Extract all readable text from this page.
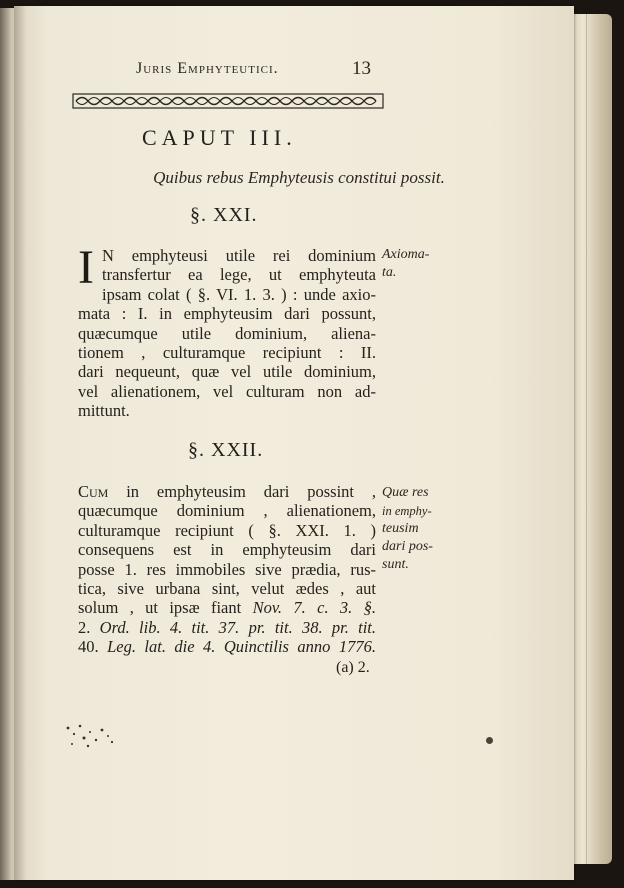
Juris Emphyteutici.	13
CAPUT III.
Quibus rebus Emphyteusis constitui possit.
§. XXI.
I N emphyteusi utile rei dominium
transfertur ea lege, ut emphyteuta
ipsam colat ( §. VI. 1. 3. ) : unde axio-
mata : I. in emphyteusim dari possunt,
quæcumque utile dominium, aliena-
tionem , culturamque recipiunt : II.
dari nequeunt, quæ vel utile dominium,
vel alienationem, vel culturam non ad-
mittunt.
Axioma-
ta.
§. XXII.
Cum in emphyteusim dari possint ,
quæcumque dominium , alienationem,
culturamque recipiunt ( §. XXI. 1. )
consequens est in emphyteusim dari
posse 1. res immobiles sive prædia, rus-
tica, sive urbana sint, velut ædes , aut
solum , ut ipsæ fiant Nov. 7. c. 3. §.
2. Ord. lib. 4. tit. 37. pr. tit. 38. pr. tit.
40. Leg. lat. die 4. Quinctilis anno 1776.
Quæ res
in emphy-
teusim
dari pos-
sunt.
(a) 2.
